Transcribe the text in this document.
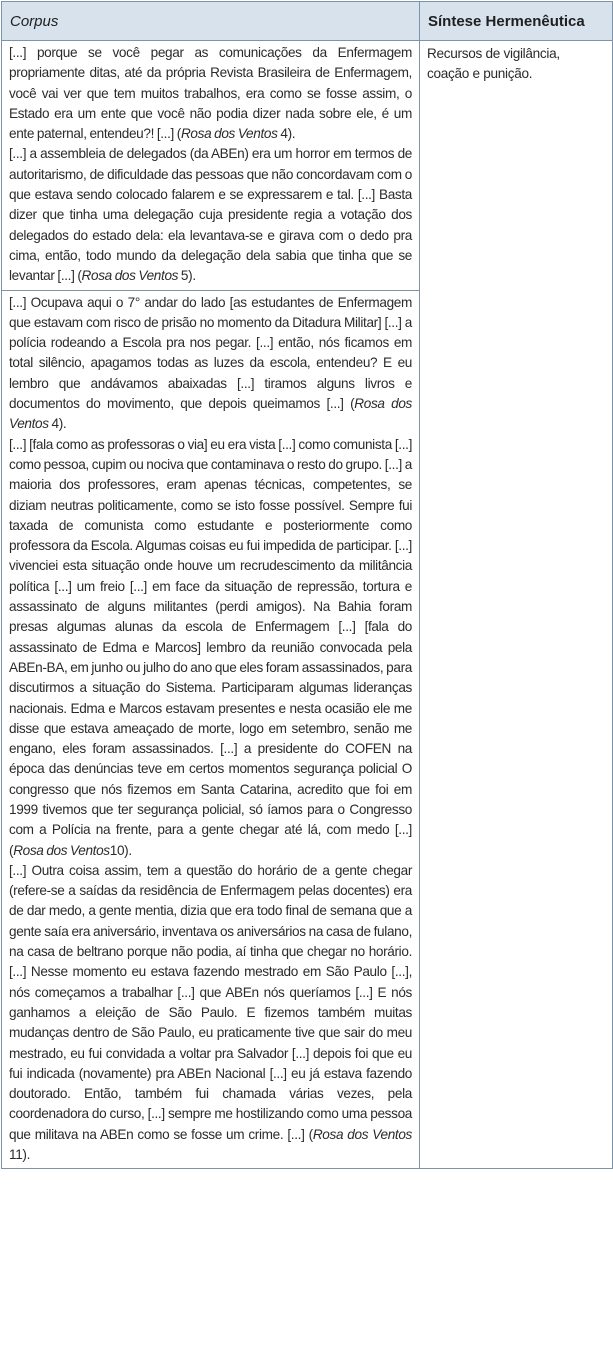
Corpus	Síntese Hermenêutica

[...] porque se você pegar as comunicações da Enfermagem propriamente ditas, até da própria Revista Brasileira de Enfermagem, você vai ver que tem muitos trabalhos, era como se fosse assim, o Estado era um ente que você não podia dizer nada sobre ele, é um ente paternal, entendeu?! [...] (Rosa dos Ventos 4).

[...] a assembleia de delegados (da ABEn) era um horror em termos de autoritarismo, de dificuldade das pessoas que não concordavam com o que estava sendo colocado falarem e se expressarem e tal. [...] Basta dizer que tinha uma delegação cuja presidente regia a votação dos delegados do estado dela: ela levantava-se e girava com o dedo pra cima, então, todo mundo da delegação dela sabia que tinha que se levantar [...] (Rosa dos Ventos 5).	Recursos de vigilância, coação e punição.

[...] Ocupava aqui o 7° andar do lado [as estudantes de Enfermagem que estavam com risco de prisão no momento da Ditadura Militar] [...] a polícia rodeando a Escola pra nos pegar. [...] então, nós ficamos em total silêncio, apagamos todas as luzes da escola, entendeu? E eu lembro que andávamos abaixadas [...] tiramos alguns livros e documentos do movimento, que depois queimamos [...] (Rosa dos Ventos 4).

[...] [fala como as professoras o via] eu era vista [...] como comunista [...] como pessoa, cupim ou nociva que contaminava o resto do grupo. [...] a maioria dos professores, eram apenas técnicas, competentes, se diziam neutras politicamente, como se isto fosse possível. Sempre fui taxada de comunista como estudante e posteriormente como professora da Escola. Algumas coisas eu fui impedida de participar. [...] vivenciei esta situação onde houve um recrudescimento da militância política [...] um freio [...] em face da situação de repressão, tortura e assassinato de alguns militantes (perdi amigos). Na Bahia foram presas algumas alunas da escola de Enfermagem [...] [fala do assassinato de Edma e Marcos] lembro da reunião convocada pela ABEn-BA, em junho ou julho do ano que eles foram assassinados, para discutirmos a situação do Sistema. Participaram algumas lideranças nacionais. Edma e Marcos estavam presentes e nesta ocasião ele me disse que estava ameaçado de morte, logo em setembro, senão me engano, eles foram assassinados. [...] a presidente do COFEN na época das denúncias teve em certos momentos segurança policial O congresso que nós fizemos em Santa Catarina, acredito que foi em 1999 tivemos que ter segurança policial, só íamos para o Congresso com a Polícia na frente, para a gente chegar até lá, com medo [...] (Rosa dos Ventos10).

[...] Outra coisa assim, tem a questão do horário de a gente chegar (refere-se a saídas da residência de Enfermagem pelas docentes) era de dar medo, a gente mentia, dizia que era todo final de semana que a gente saía era aniversário, inventava os aniversários na casa de fulano, na casa de beltrano porque não podia, aí tinha que chegar no horário. [...] Nesse momento eu estava fazendo mestrado em São Paulo [...], nós começamos a trabalhar [...] que ABEn nós queríamos [...] E nós ganhamos a eleição de São Paulo. E fizemos também muitas mudanças dentro de São Paulo, eu praticamente tive que sair do meu mestrado, eu fui convidada a voltar pra Salvador [...] depois foi que eu fui indicada (novamente) pra ABEn Nacional [...] eu já estava fazendo doutorado. Então, também fui chamada várias vezes, pela coordenadora do curso, [...] sempre me hostilizando como uma pessoa que militava na ABEn como se fosse um crime. [...] (Rosa dos Ventos 11).	
